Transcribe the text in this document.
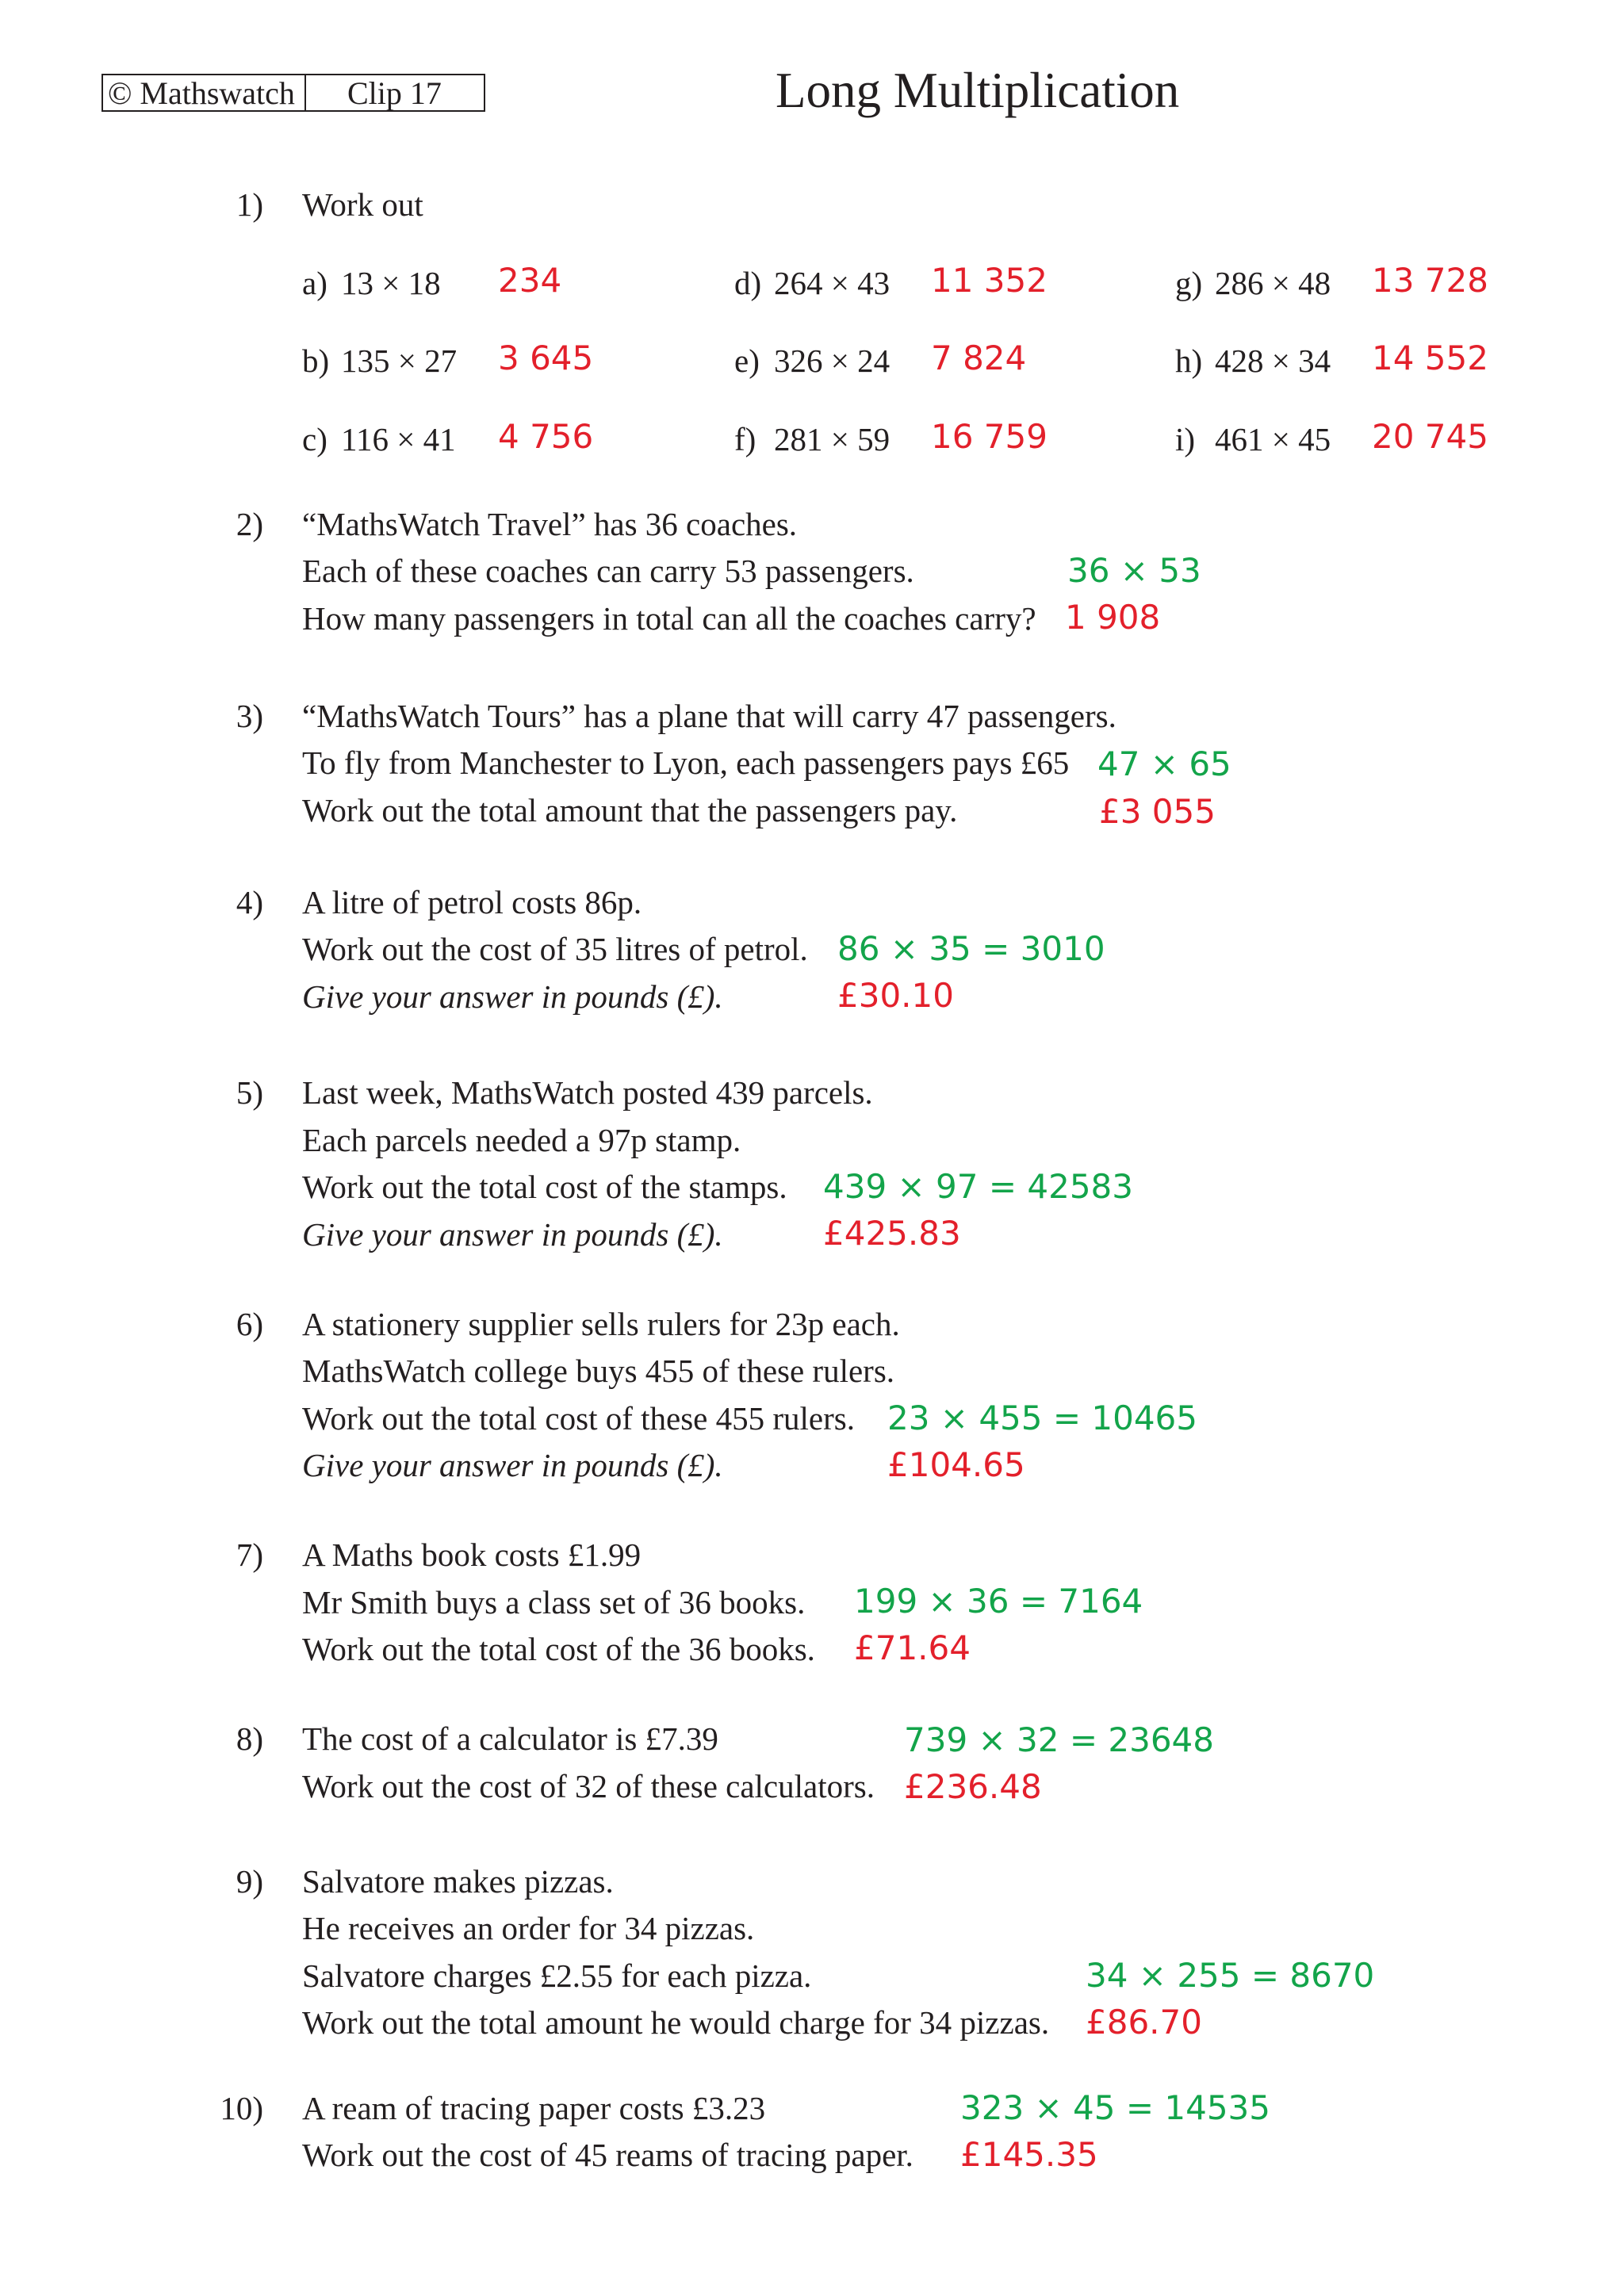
© Mathswatch	Clip 17	Long Multiplication
1) Work out
a) 13 × 18 234
b) 135 × 27 3 645
c) 116 × 41 4 756
d) 264 × 43 11 352
e) 326 × 24 7 824
f) 281 × 59 16 759
g) 286 × 48 13 728
h) 428 × 34 14 552
i) 461 × 45 20 745
2) “MathsWatch Travel” has 36 coaches.
Each of these coaches can carry 53 passengers.
How many passengers in total can all the coaches carry?
36 × 53
1 908
3) “MathsWatch Tours” has a plane that will carry 47 passengers.
To fly from Manchester to Lyon, each passengers pays £65
Work out the total amount that the passengers pay.
47 × 65
£3 055
4) A litre of petrol costs 86p.
Work out the cost of 35 litres of petrol.
Give your answer in pounds (£).
86 × 35 = 3010
£30.10
5) Last week, MathsWatch posted 439 parcels.
Each parcels needed a 97p stamp.
Work out the total cost of the stamps.
Give your answer in pounds (£).
439 × 97 = 42583
£425.83
6) A stationery supplier sells rulers for 23p each.
MathsWatch college buys 455 of these rulers.
Work out the total cost of these 455 rulers.
Give your answer in pounds (£).
23 × 455 = 10465
£104.65
7) A Maths book costs £1.99
Mr Smith buys a class set of 36 books.
Work out the total cost of the 36 books.
199 × 36 = 7164
£71.64
8) The cost of a calculator is £7.39
Work out the cost of 32 of these calculators.
739 × 32 = 23648
£236.48
9) Salvatore makes pizzas.
He receives an order for 34 pizzas.
Salvatore charges £2.55 for each pizza.
Work out the total amount he would charge for 34 pizzas.
34 × 255 = 8670
£86.70
10) A ream of tracing paper costs £3.23
Work out the cost of 45 reams of tracing paper.
323 × 45 = 14535
£145.35
